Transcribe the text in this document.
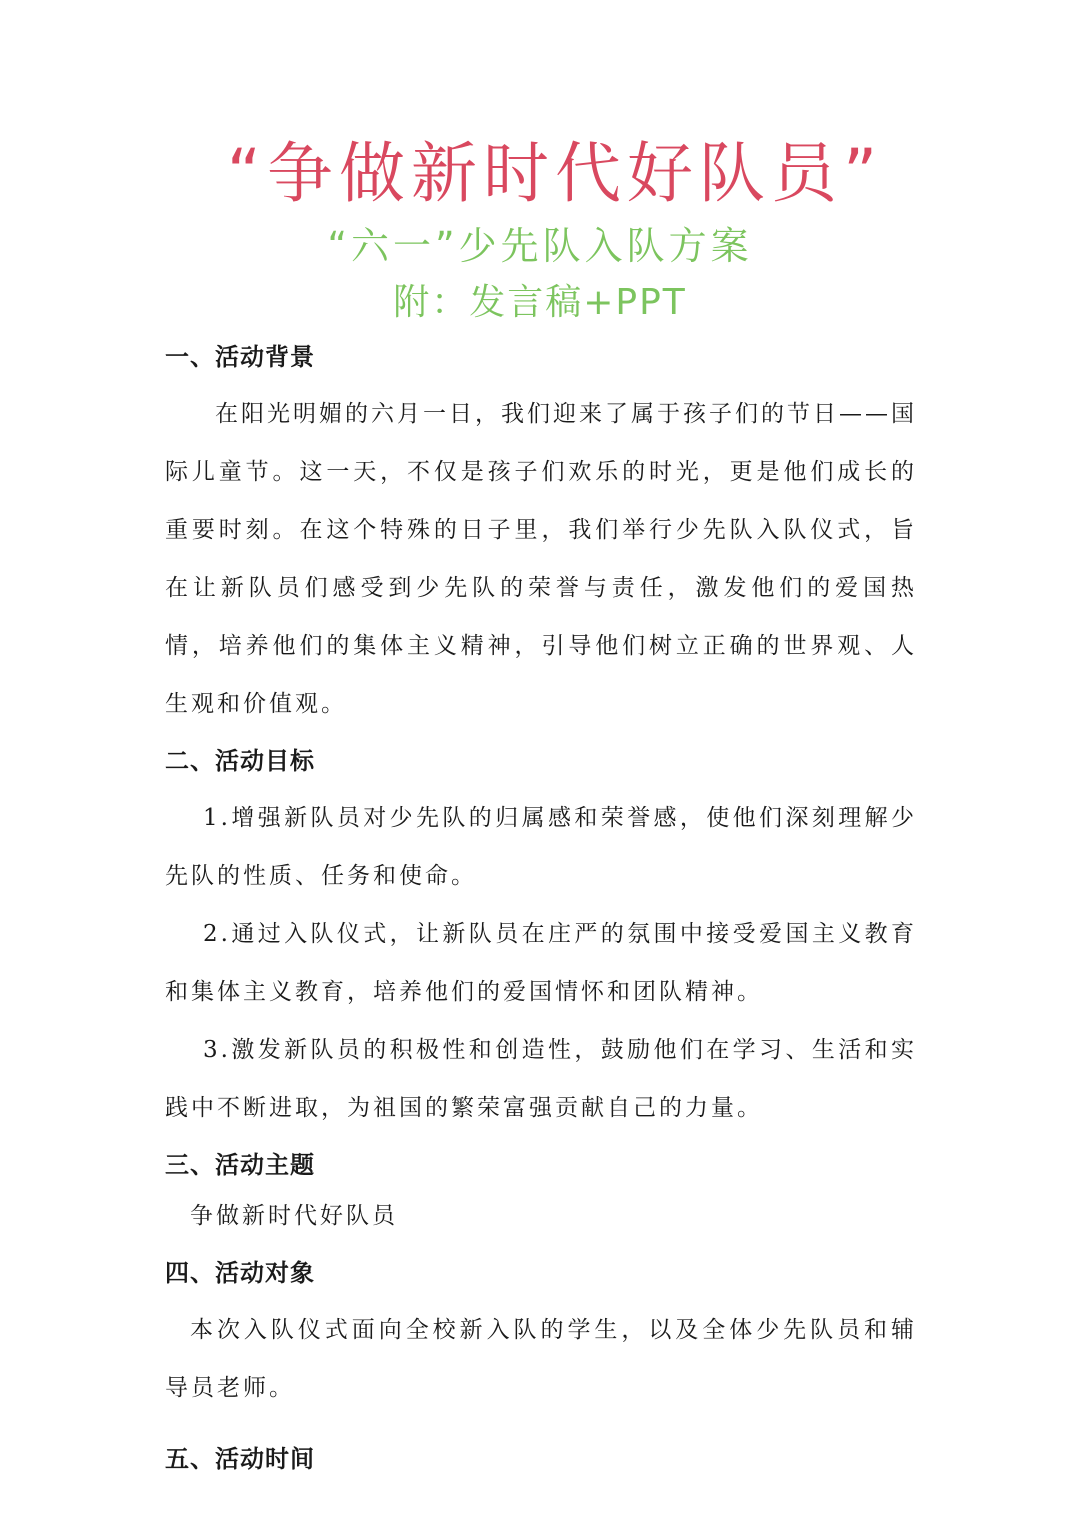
“争做新时代好队员”
“六一”少先队入队方案
附：发言稿+PPT
一、活动背景

在阳光明媚的六月一日，我们迎来了属于孩子们的节日——国际儿童节。这一天，不仅是孩子们欢乐的时光，更是他们成长的重要时刻。在这个特殊的日子里，我们举行少先队入队仪式，旨在让新队员们感受到少先队的荣誉与责任，激发他们的爱国热情，培养他们的集体主义精神，引导他们树立正确的世界观、人生观和价值观。

二、活动目标

1.增强新队员对少先队的归属感和荣誉感，使他们深刻理解少先队的性质、任务和使命。

2.通过入队仪式，让新队员在庄严的氛围中接受爱国主义教育和集体主义教育，培养他们的爱国情怀和团队精神。

3.激发新队员的积极性和创造性，鼓励他们在学习、生活和实践中不断进取，为祖国的繁荣富强贡献自己的力量。

三、活动主题

争做新时代好队员

四、活动对象

本次入队仪式面向全校新入队的学生，以及全体少先队员和辅导员老师。

五、活动时间
